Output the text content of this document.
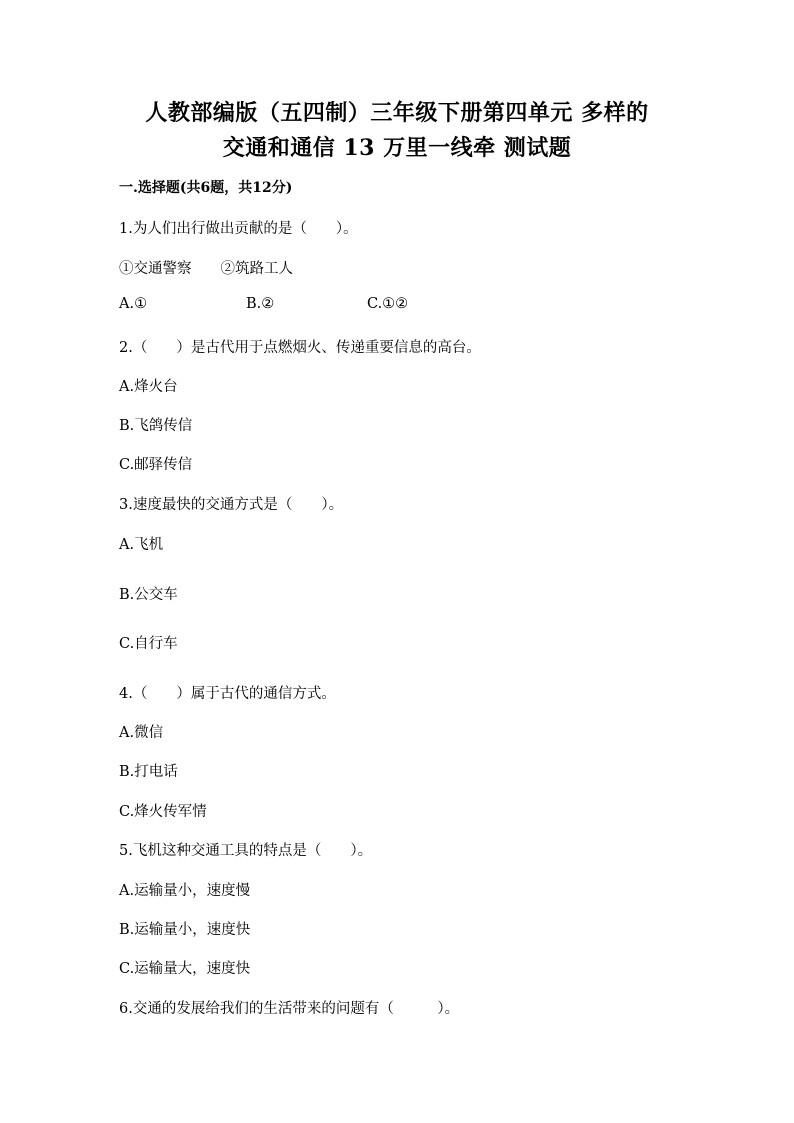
人教部编版（五四制）三年级下册第四单元 多样的
交通和通信 13 万里一线牵 测试题
一.选择题(共6题，共12分)
1.为人们出行做出贡献的是（　　）。
①交通警察　　②筑路工人
A.①	B.②	C.①②
2.（　　）是古代用于点燃烟火、传递重要信息的高台。
A.烽火台
B.飞鸽传信
C.邮驿传信
3.速度最快的交通方式是（　　）。
A.飞机
B.公交车
C.自行车
4.（　　）属于古代的通信方式。
A.微信
B.打电话
C.烽火传军情
5.飞机这种交通工具的特点是（　　）。
A.运输量小，速度慢
B.运输量小，速度快
C.运输量大，速度快
6.交通的发展给我们的生活带来的问题有（　　　）。
